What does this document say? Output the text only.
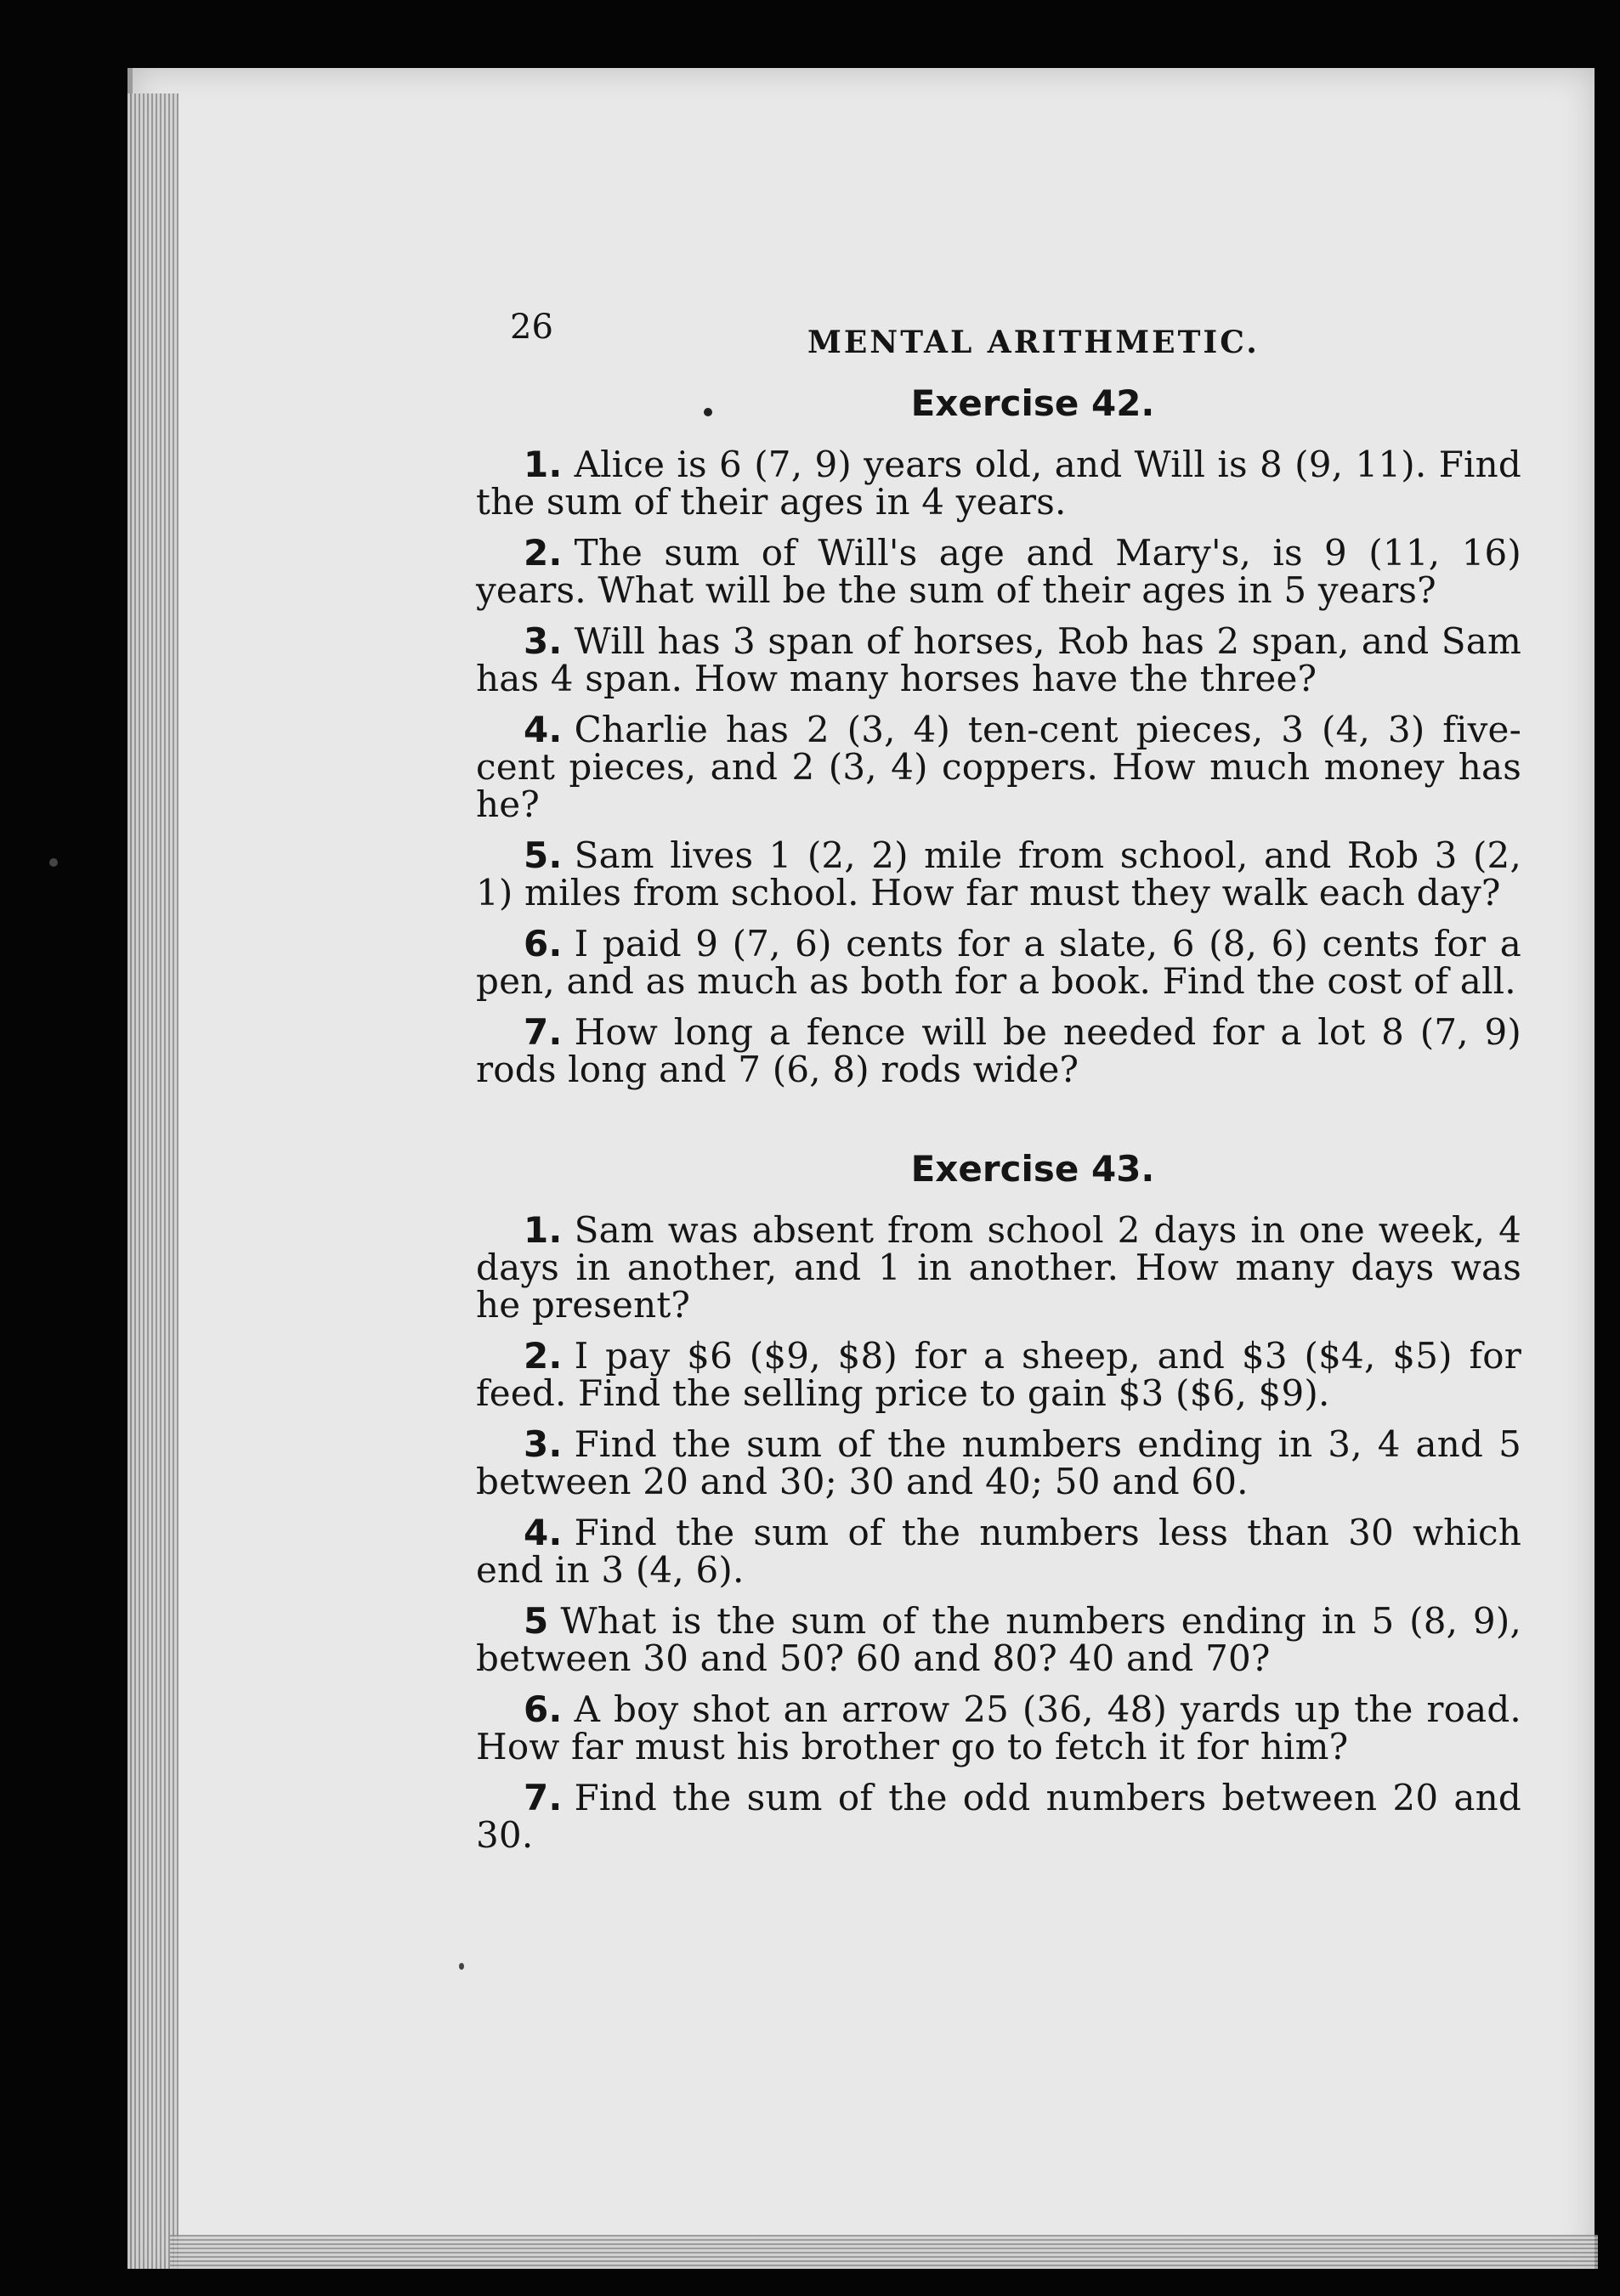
26	MENTAL ARITHMETIC.
Exercise 42.

1. Alice is 6 (7, 9) years old, and Will is 8 (9, 11). Find the sum of their ages in 4 years.

2. The sum of Will's age and Mary's, is 9 (11, 16) years. What will be the sum of their ages in 5 years?

3. Will has 3 span of horses, Rob has 2 span, and Sam has 4 span. How many horses have the three?

4. Charlie has 2 (3, 4) ten-cent pieces, 3 (4, 3) five-cent pieces, and 2 (3, 4) coppers. How much money has he?

5. Sam lives 1 (2, 2) mile from school, and Rob 3 (2, 1) miles from school. How far must they walk each day?

6. I paid 9 (7, 6) cents for a slate, 6 (8, 6) cents for a pen, and as much as both for a book. Find the cost of all.

7. How long a fence will be needed for a lot 8 (7, 9) rods long and 7 (6, 8) rods wide?

Exercise 43.

1. Sam was absent from school 2 days in one week, 4 days in another, and 1 in another. How many days was he present?

2. I pay $6 ($9, $8) for a sheep, and $3 ($4, $5) for feed. Find the selling price to gain $3 ($6, $9).

3. Find the sum of the numbers ending in 3, 4 and 5 between 20 and 30; 30 and 40; 50 and 60.

4. Find the sum of the numbers less than 30 which end in 3 (4, 6).

5 What is the sum of the numbers ending in 5 (8, 9), between 30 and 50? 60 and 80? 40 and 70?

6. A boy shot an arrow 25 (36, 48) yards up the road. How far must his brother go to fetch it for him?

7. Find the sum of the odd numbers between 20 and 30.
